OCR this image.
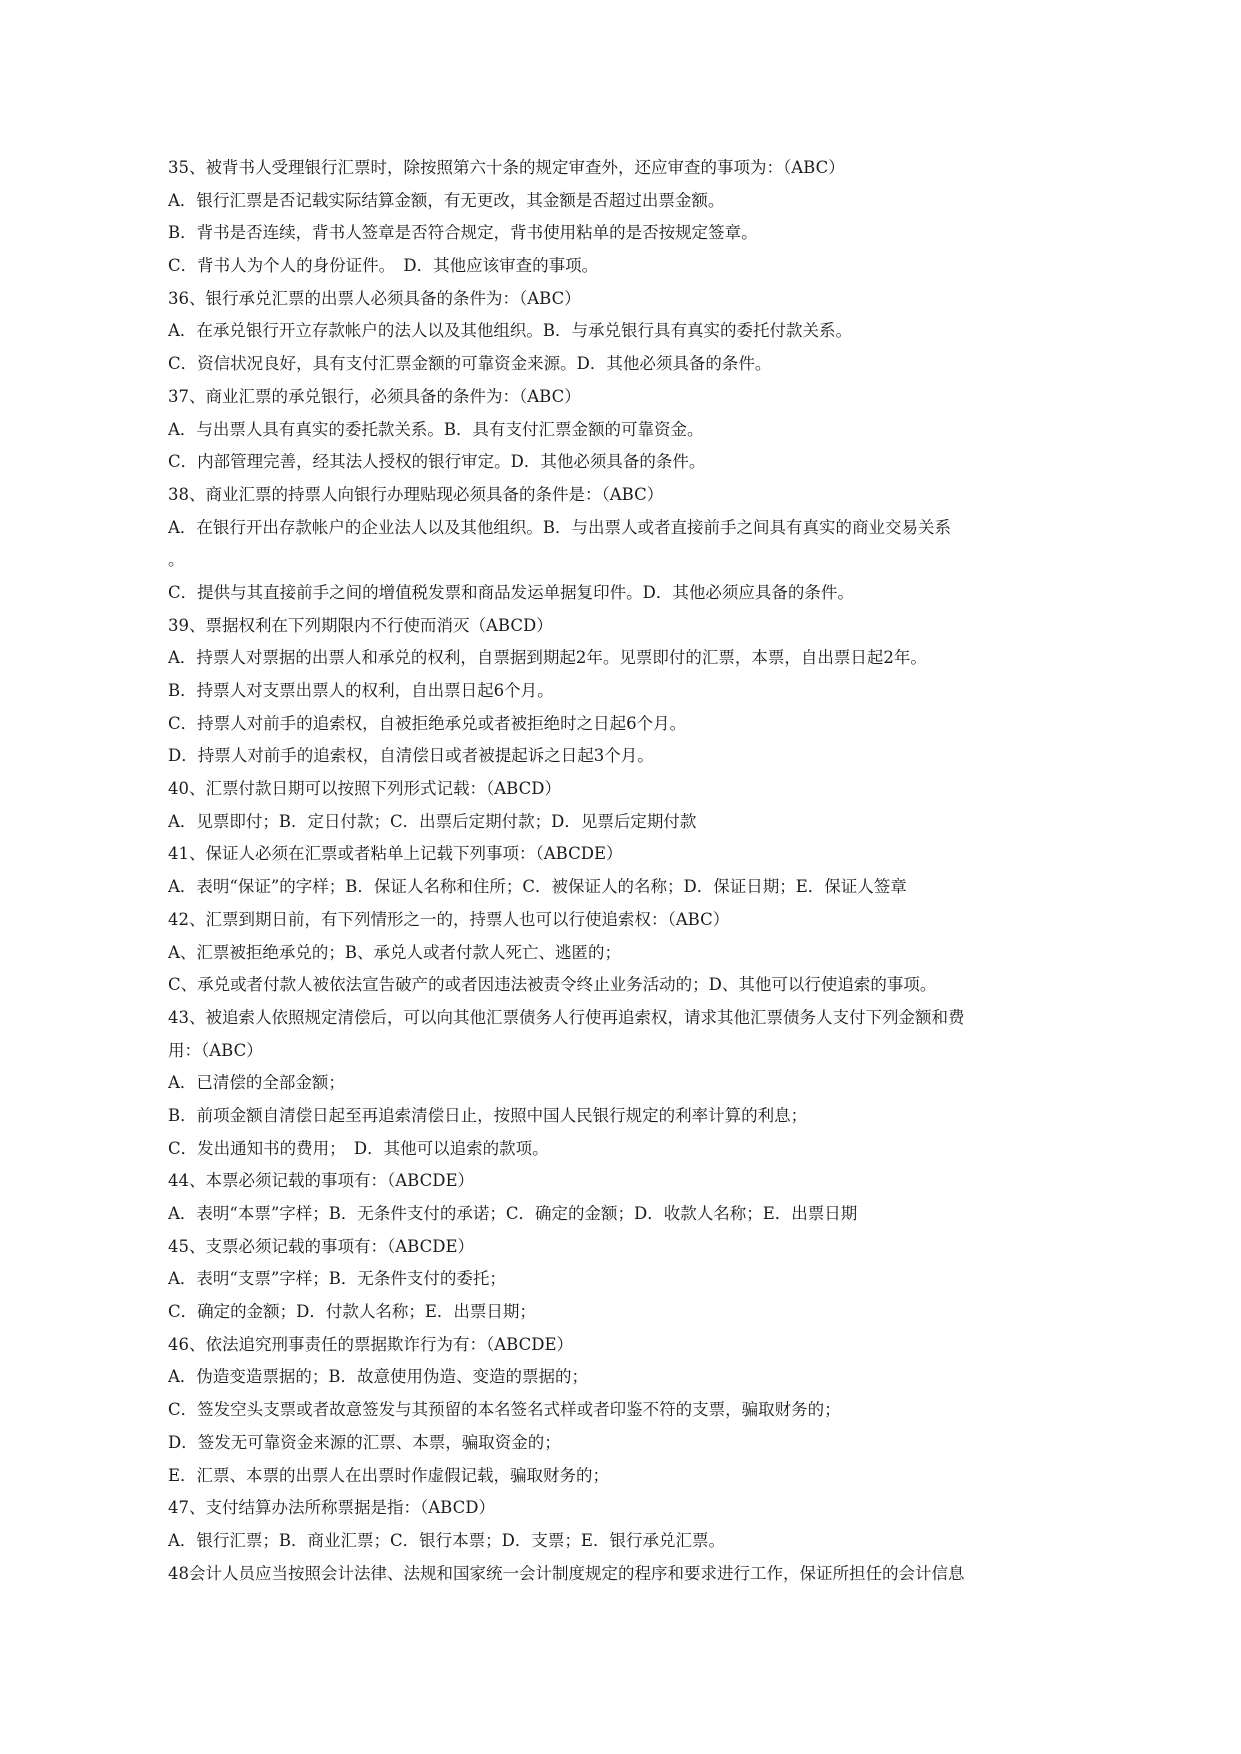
35、被背书人受理银行汇票时，除按照第六十条的规定审查外，还应审查的事项为：（ABC）
A．银行汇票是否记载实际结算金额，有无更改，其金额是否超过出票金额。
B．背书是否连续，背书人签章是否符合规定，背书使用粘单的是否按规定签章。
C．背书人为个人的身份证件。　D．其他应该审查的事项。
36、银行承兑汇票的出票人必须具备的条件为：（ABC）
A．在承兑银行开立存款帐户的法人以及其他组织。B．与承兑银行具有真实的委托付款关系。
C．资信状况良好，具有支付汇票金额的可靠资金来源。D．其他必须具备的条件。
37、商业汇票的承兑银行，必须具备的条件为：（ABC）
A．与出票人具有真实的委托款关系。B．具有支付汇票金额的可靠资金。
C．内部管理完善，经其法人授权的银行审定。D．其他必须具备的条件。
38、商业汇票的持票人向银行办理贴现必须具备的条件是：（ABC）
A．在银行开出存款帐户的企业法人以及其他组织。B．与出票人或者直接前手之间具有真实的商业交易关系
。
C．提供与其直接前手之间的增值税发票和商品发运单据复印件。D．其他必须应具备的条件。
39、票据权利在下列期限内不行使而消灭（ABCD）
A．持票人对票据的出票人和承兑的权利，自票据到期起2年。见票即付的汇票，本票，自出票日起2年。
B．持票人对支票出票人的权利，自出票日起6个月。
C．持票人对前手的追索权，自被拒绝承兑或者被拒绝时之日起6个月。
D．持票人对前手的追索权，自清偿日或者被提起诉之日起3个月。
40、汇票付款日期可以按照下列形式记载：（ABCD）
A．见票即付；B．定日付款；C．出票后定期付款；D．见票后定期付款
41、保证人必须在汇票或者粘单上记载下列事项：（ABCDE）
A．表明“保证”的字样；B．保证人名称和住所；C．被保证人的名称；D．保证日期；E．保证人签章
42、汇票到期日前，有下列情形之一的，持票人也可以行使追索权：（ABC）
A、汇票被拒绝承兑的；B、承兑人或者付款人死亡、逃匿的；
C、承兑或者付款人被依法宣告破产的或者因违法被责令终止业务活动的；D、其他可以行使追索的事项。
43、被追索人依照规定清偿后，可以向其他汇票债务人行使再追索权，请求其他汇票债务人支付下列金额和费
用：（ABC）
A．已清偿的全部金额；
B．前项金额自清偿日起至再追索清偿日止，按照中国人民银行规定的利率计算的利息；
C．发出通知书的费用；　D．其他可以追索的款项。
44、本票必须记载的事项有：（ABCDE）
A．表明“本票”字样；B．无条件支付的承诺；C．确定的金额；D．收款人名称；E．出票日期
45、支票必须记载的事项有：（ABCDE）
A．表明“支票”字样；B．无条件支付的委托；
C．确定的金额；D．付款人名称；E．出票日期；
46、依法追究刑事责任的票据欺诈行为有：（ABCDE）
A．伪造变造票据的；B．故意使用伪造、变造的票据的；
C．签发空头支票或者故意签发与其预留的本名签名式样或者印鉴不符的支票，骗取财务的；
D．签发无可靠资金来源的汇票、本票，骗取资金的；
E．汇票、本票的出票人在出票时作虚假记载，骗取财务的；
47、支付结算办法所称票据是指：（ABCD）
A．银行汇票；B．商业汇票；C．银行本票；D．支票；E．银行承兑汇票。
48会计人员应当按照会计法律、法规和国家统一会计制度规定的程序和要求进行工作，保证所担任的会计信息
